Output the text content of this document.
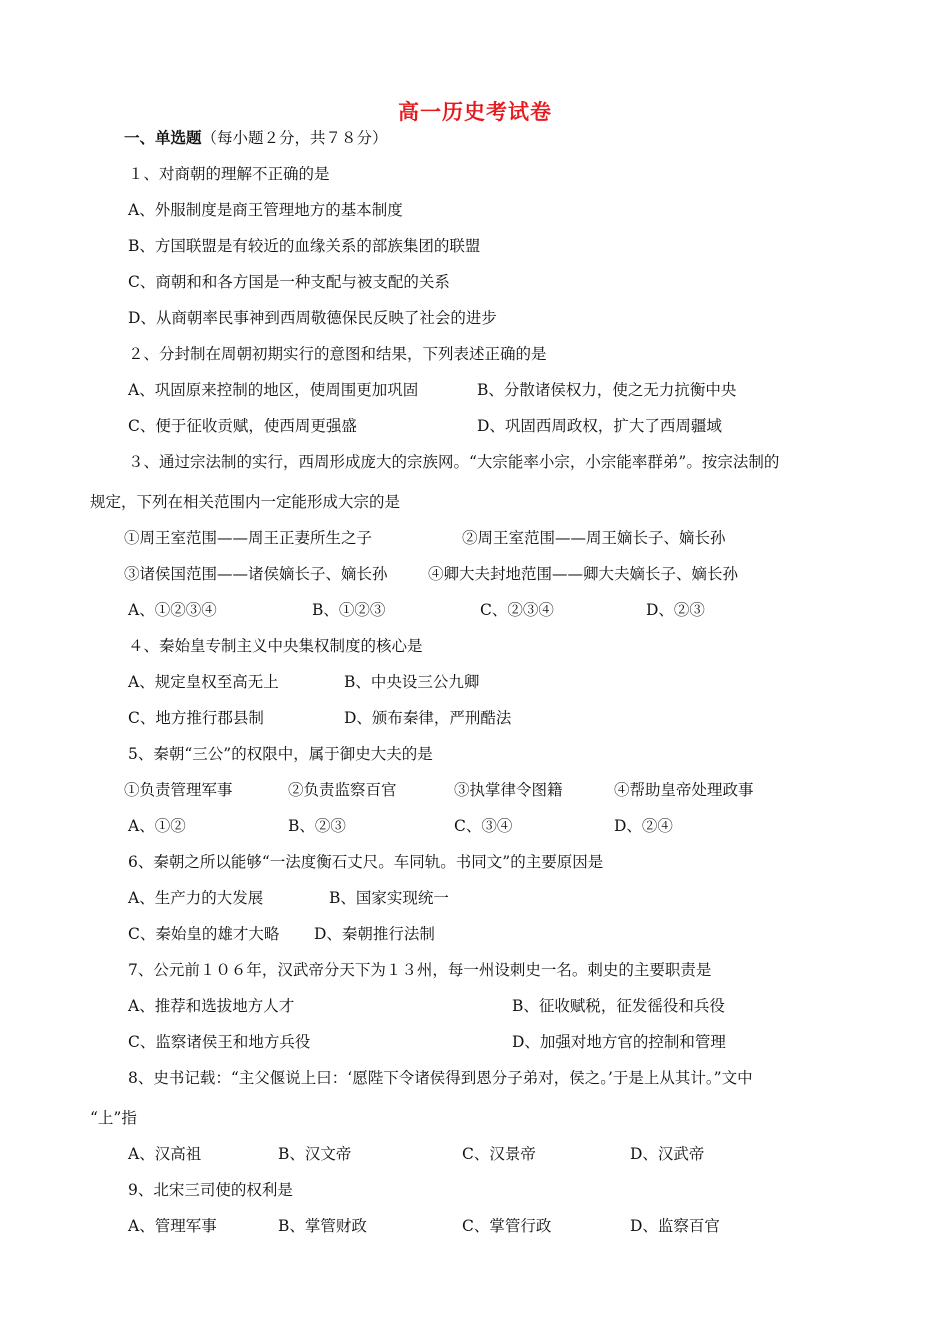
高一历史考试卷
一、单选题（每小题２分，共７８分）
１、对商朝的理解不正确的是
A、外服制度是商王管理地方的基本制度
B、方国联盟是有较近的血缘关系的部族集团的联盟
C、商朝和和各方国是一种支配与被支配的关系
D、从商朝率民事神到西周敬德保民反映了社会的进步
２、分封制在周朝初期实行的意图和结果，下列表述正确的是
A、巩固原来控制的地区，使周围更加巩固	B、分散诸侯权力，使之无力抗衡中央
C、便于征收贡赋，使西周更强盛	D、巩固西周政权，扩大了西周疆域
３、通过宗法制的实行，西周形成庞大的宗族网。“大宗能率小宗，小宗能率群弟”。按宗法制的
规定，下列在相关范围内一定能形成大宗的是
①周王室范围——周王正妻所生之子	②周王室范围——周王嫡长子、嫡长孙
③诸侯国范围——诸侯嫡长子、嫡长孙	④卿大夫封地范围——卿大夫嫡长子、嫡长孙
A、①②③④	B、①②③	C、②③④	D、②③
４、秦始皇专制主义中央集权制度的核心是
A、规定皇权至高无上	B、中央设三公九卿
C、地方推行郡县制	D、颁布秦律，严刑酷法
5、秦朝“三公”的权限中，属于御史大夫的是
①负责管理军事	②负责监察百官	③执掌律令图籍	④帮助皇帝处理政事
A、①②	B、②③	C、③④	D、②④
6、秦朝之所以能够“一法度衡石丈尺。车同轨。书同文”的主要原因是
A、生产力的大发展	B、国家实现统一
C、秦始皇的雄才大略 D、秦朝推行法制
7、公元前１０６年，汉武帝分天下为１３州，每一州设刺史一名。刺史的主要职责是
A、推荐和选拔地方人才	B、征收赋税，征发徭役和兵役
C、监察诸侯王和地方兵役	D、加强对地方官的控制和管理
8、史书记载：“主父偃说上曰：‘愿陛下令诸侯得到恩分子弟对，侯之。’于是上从其计。”文中
“上”指
A、汉高祖	B、汉文帝	C、汉景帝	D、汉武帝
9、北宋三司使的权利是
A、管理军事	B、掌管财政	C、掌管行政	D、监察百官
